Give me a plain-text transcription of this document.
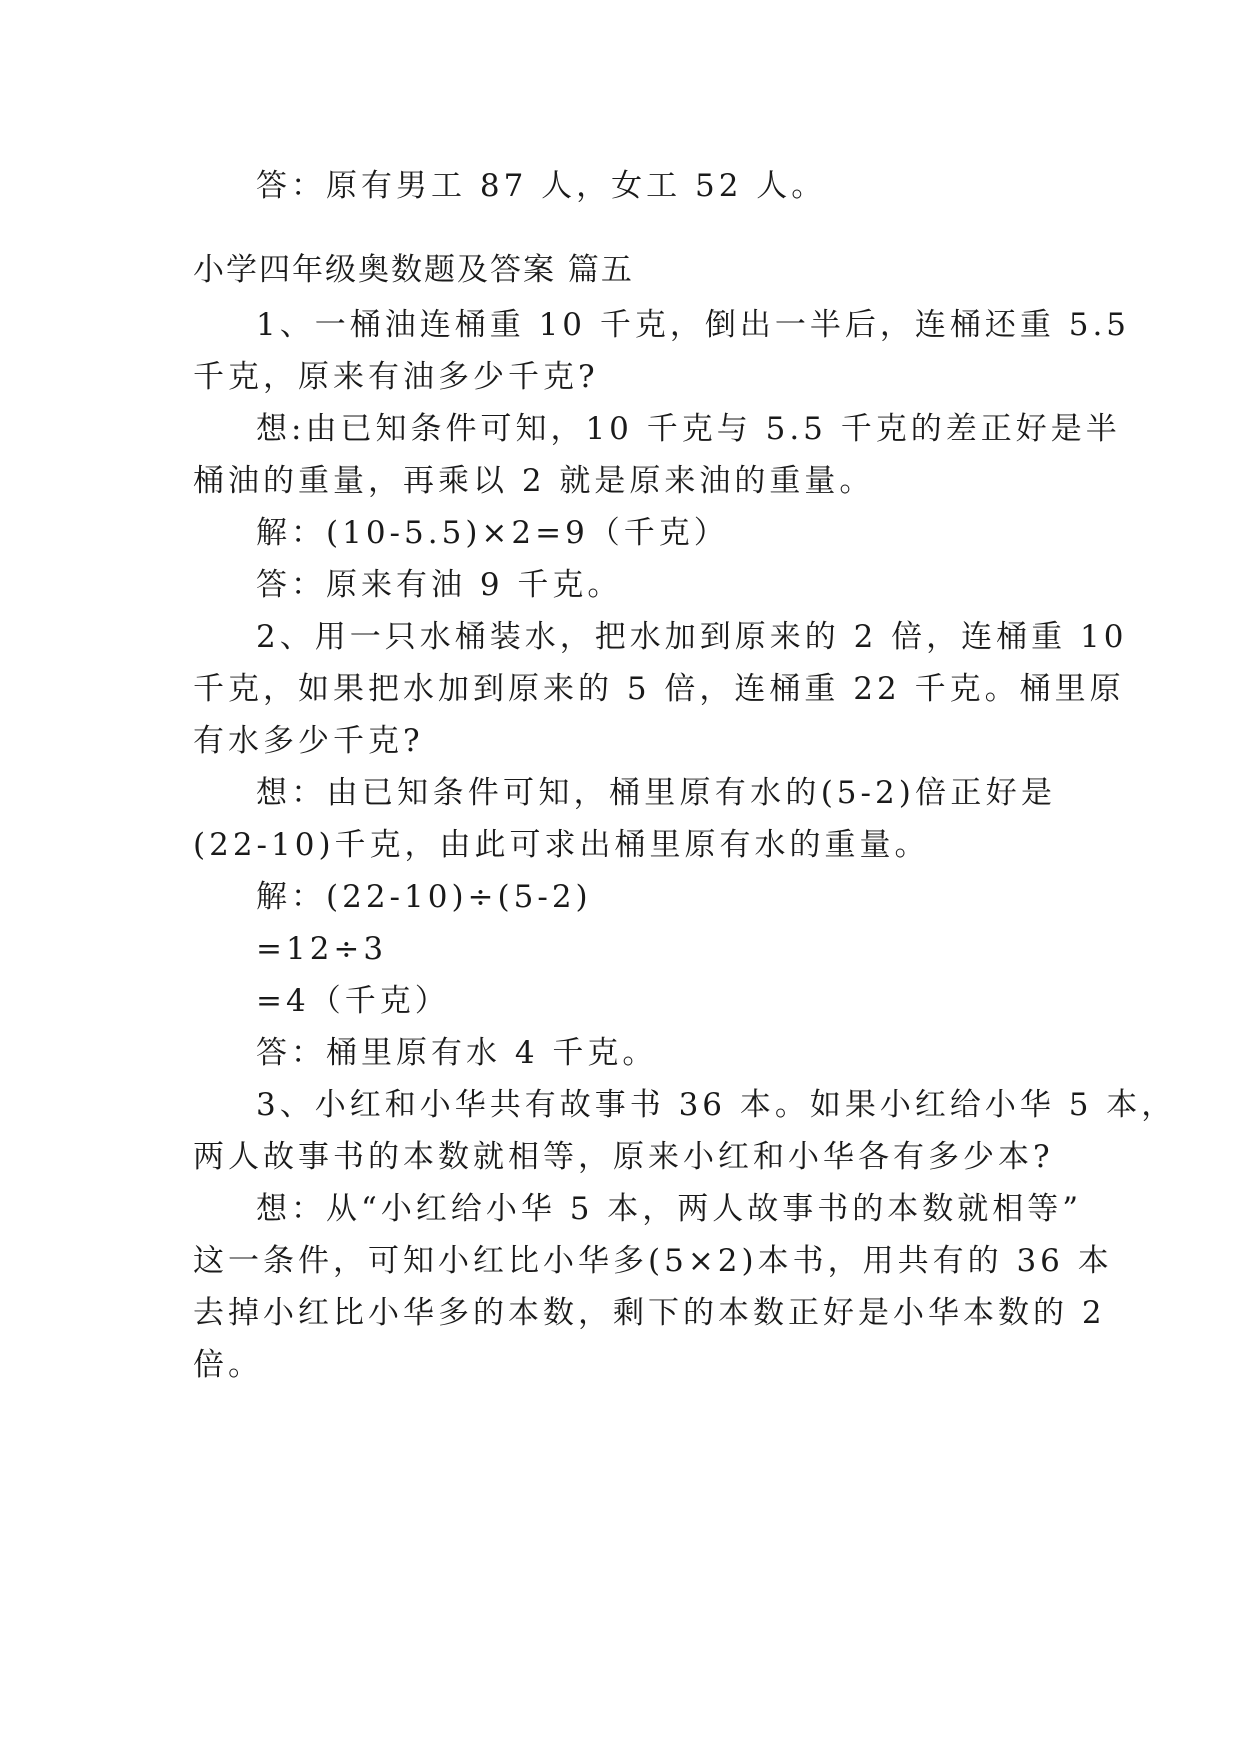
答：原有男工 87 人，女工 52 人。
小学四年级奥数题及答案 篇五
1、一桶油连桶重 10 千克，倒出一半后，连桶还重 5.5
千克，原来有油多少千克?
想:由已知条件可知，10 千克与 5.5 千克的差正好是半
桶油的重量，再乘以 2 就是原来油的重量。
解：(10-5.5)×2=9（千克）
答：原来有油 9 千克。
2、用一只水桶装水，把水加到原来的 2 倍，连桶重 10
千克，如果把水加到原来的 5 倍，连桶重 22 千克。桶里原
有水多少千克?
想：由已知条件可知，桶里原有水的(5-2)倍正好是
(22-10)千克，由此可求出桶里原有水的重量。
解：(22-10)÷(5-2)
=12÷3
=4（千克）
答：桶里原有水 4 千克。
3、小红和小华共有故事书 36 本。如果小红给小华 5 本，
两人故事书的本数就相等，原来小红和小华各有多少本?
想：从“小红给小华 5 本，两人故事书的本数就相等”
这一条件，可知小红比小华多(5×2)本书，用共有的 36 本
去掉小红比小华多的本数，剩下的本数正好是小华本数的 2
倍。
